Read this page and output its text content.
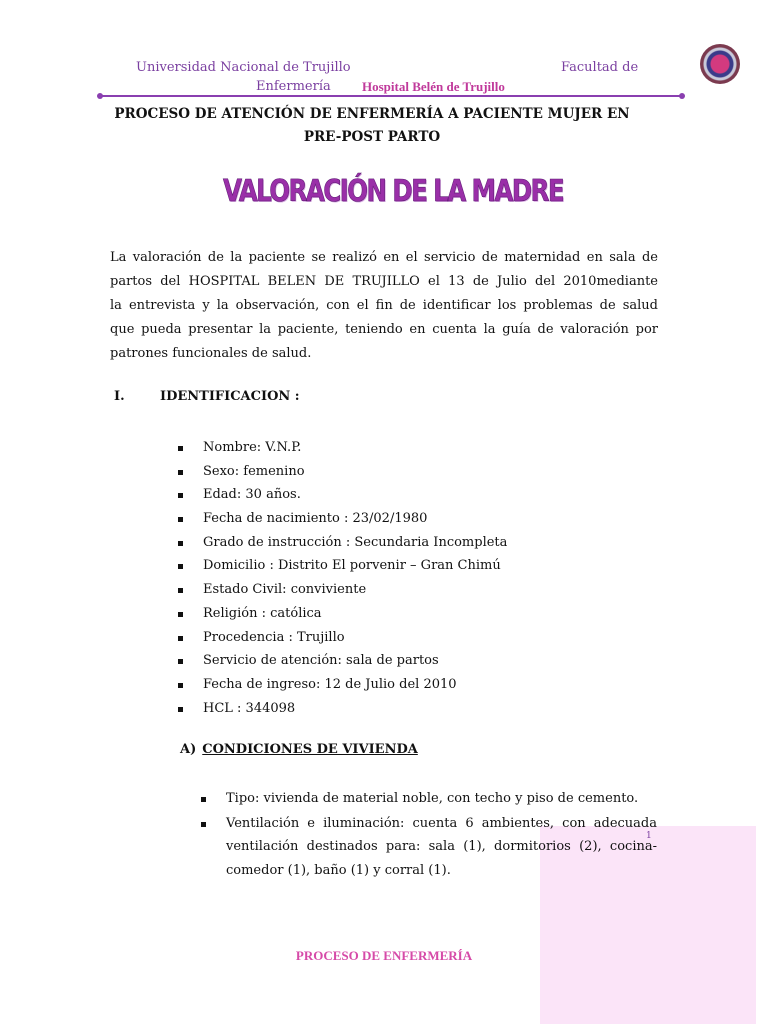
Universidad Nacional de Trujillo	Facultad de
Enfermería Hospital Belén de Trujillo
PROCESO DE ATENCIÓN DE ENFERMERÍA A PACIENTE MUJER EN
PRE-POST PARTO
VALORACIÓN DE LA MADRE
La valoración de la paciente se realizó en el servicio de maternidad en sala de
partos del HOSPITAL BELEN DE TRUJILLO el 13 de Julio del 2010mediante
la entrevista y la observación, con el fin de identificar los problemas de salud
que pueda presentar la paciente, teniendo en cuenta la guía de valoración por
patrones funcionales de salud.
I.	IDENTIFICACION :
Nombre: V.N.P.
Sexo: femenino
Edad: 30 años.
Fecha de nacimiento : 23/02/1980
Grado de instrucción : Secundaria Incompleta
Domicilio : Distrito El porvenir – Gran Chimú
Estado Civil: conviviente
Religión : católica
Procedencia : Trujillo
Servicio de atención: sala de partos
Fecha de ingreso: 12 de Julio del 2010
HCL : 344098
A) CONDICIONES DE VIVIENDA
1
Tipo: vivienda de material noble, con techo y piso de cemento.
Ventilación e iluminación: cuenta 6 ambientes, con adecuada
ventilación destinados para: sala (1), dormitorios (2), cocina-
comedor (1), baño (1) y corral (1).
PROCESO DE ENFERMERÍA
